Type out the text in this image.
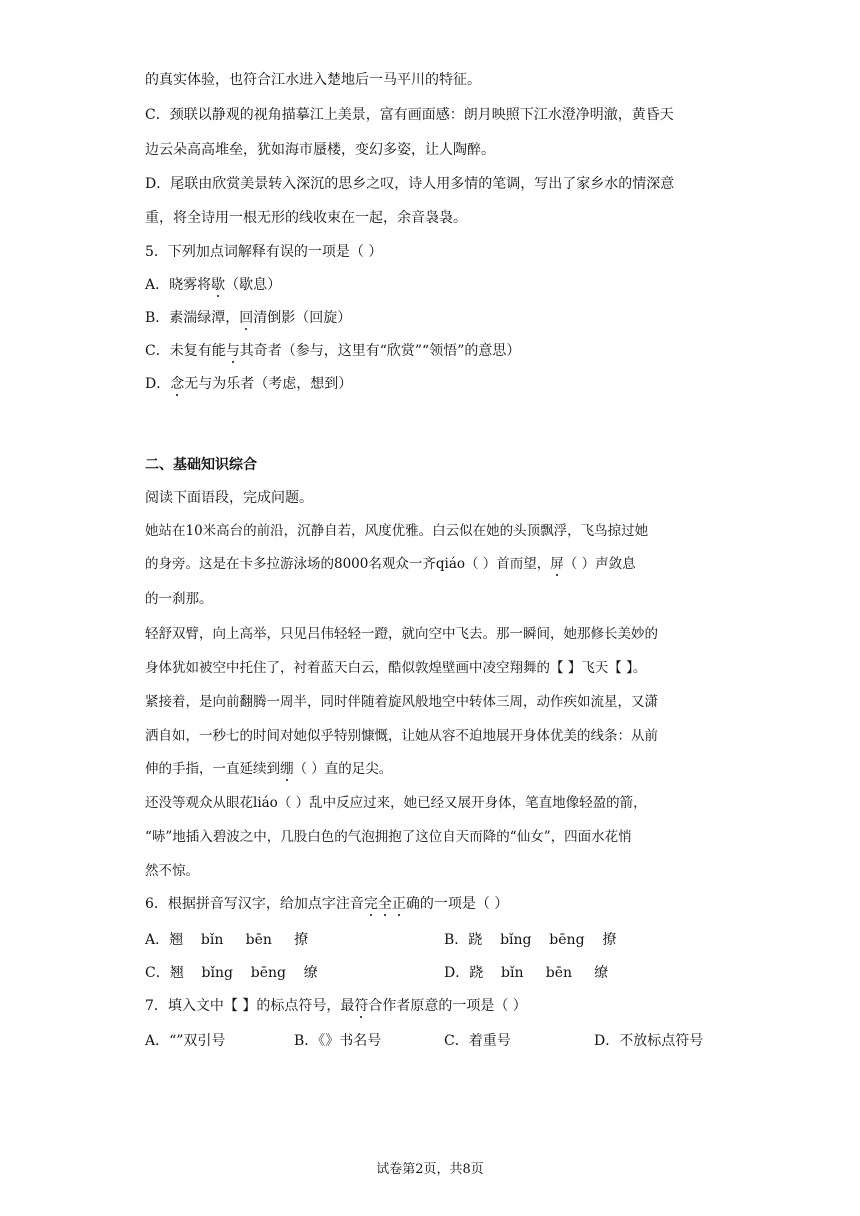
的真实体验，也符合江水进入楚地后一马平川的特征。
C．颈联以静观的视角描摹江上美景，富有画面感：朗月映照下江水澄净明澈，黄昏天
边云朵高高堆垒，犹如海市蜃楼，变幻多姿，让人陶醉。
D．尾联由欣赏美景转入深沉的思乡之叹，诗人用多情的笔调，写出了家乡水的情深意
重，将全诗用一根无形的线收束在一起，余音袅袅。
5．下列加点词解释有误的一项是（ ）
A．晓雾将歇（歇息）
B．素湍绿潭，回清倒影（回旋）
C．未复有能与其奇者（参与，这里有“欣赏”“领悟”的意思）
D．念无与为乐者（考虑，想到）
二、基础知识综合
阅读下面语段，完成问题。
她站在10米高台的前沿，沉静自若，风度优雅。白云似在她的头顶飘浮，飞鸟掠过她
的身旁。这是在卡多拉游泳场的8000名观众一齐qiáo（ ）首而望，屏（ ）声敛息
的一刹那。
轻舒双臂，向上高举，只见吕伟轻轻一蹬，就向空中飞去。那一瞬间，她那修长美妙的
身体犹如被空中托住了，衬着蓝天白云，酷似敦煌壁画中凌空翔舞的【 】飞天【 】。
紧接着，是向前翻腾一周半，同时伴随着旋风般地空中转体三周，动作疾如流星，又潇
洒自如，一秒七的时间对她似乎特别慷慨，让她从容不迫地展开身体优美的线条：从前
伸的手指，一直延续到绷（ ）直的足尖。
还没等观众从眼花liáo（ ）乱中反应过来，她已经又展开身体，笔直地像轻盈的箭，
“哧”地插入碧波之中，几股白色的气泡拥抱了这位自天而降的“仙女”，四面水花悄
然不惊。
6．根据拼音写汉字，给加点字注音完全正确的一项是（ ）
A．翘    bǐn     bēn     撩	B．跷    bǐng    bēng    撩
C．翘    bǐng    bēng    缭	D．跷    bǐn     bēn     缭
7．填入文中【 】的标点符号，最符合作者原意的一项是（ ）
A．“”双引号	B．《》书名号	C．着重号	D．不放标点符号
试卷第2页，共8页
